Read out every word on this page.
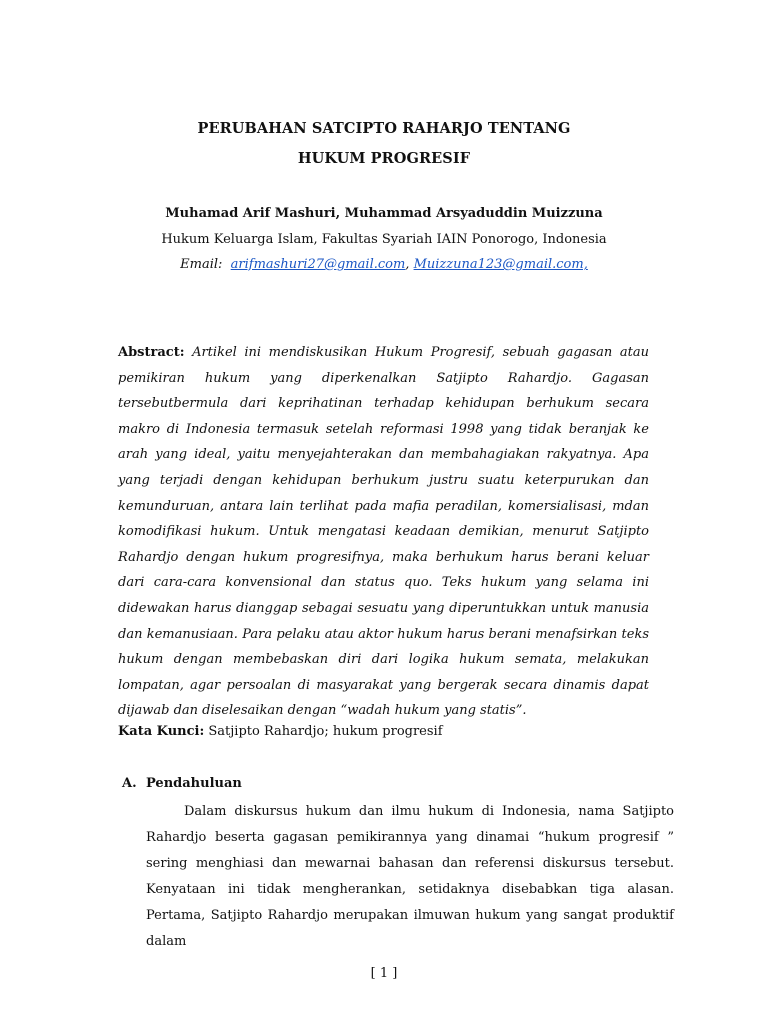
PERUBAHAN SATCIPTO RAHARJO TENTANG
HUKUM PROGRESIF
Muhamad Arif Mashuri, Muhammad Arsyaduddin Muizzuna
Hukum Keluarga Islam, Fakultas Syariah IAIN Ponorogo, Indonesia
Email: arifmashuri27@gmail.com, Muizzuna123@gmail.com,
Abstract: Artikel ini mendiskusikan Hukum Progresif, sebuah gagasan atau pemikiran hukum yang diperkenalkan Satjipto Rahardjo. Gagasan tersebutbermula dari keprihatinan terhadap kehidupan berhukum secara makro di Indonesia termasuk setelah reformasi 1998 yang tidak beranjak ke arah yang ideal, yaitu menyejahterakan dan membahagiakan rakyatnya. Apa yang terjadi dengan kehidupan berhukum justru suatu keterpurukan dan kemunduruan, antara lain terlihat pada mafia peradilan, komersialisasi, mdan komodifikasi hukum. Untuk mengatasi keadaan demikian, menurut Satjipto Rahardjo dengan hukum progresifnya, maka berhukum harus berani keluar dari cara-cara konvensional dan status quo. Teks hukum yang selama ini didewakan harus dianggap sebagai sesuatu yang diperuntukkan untuk manusia dan kemanusiaan. Para pelaku atau aktor hukum harus berani menafsirkan teks hukum dengan membebaskan diri dari logika hukum semata, melakukan lompatan, agar persoalan di masyarakat yang bergerak secara dinamis dapat dijawab dan diselesaikan dengan “wadah hukum yang statis”.
Kata Kunci: Satjipto Rahardjo; hukum progresif
A. Pendahuluan
Dalam diskursus hukum dan ilmu hukum di Indonesia, nama Satjipto Rahardjo beserta gagasan pemikirannya yang dinamai “hukum progresif ” sering menghiasi dan mewarnai bahasan dan referensi diskursus tersebut. Kenyataan ini tidak mengherankan, setidaknya disebabkan tiga alasan. Pertama, Satjipto Rahardjo merupakan ilmuwan hukum yang sangat produktif dalam
[ 1 ]
